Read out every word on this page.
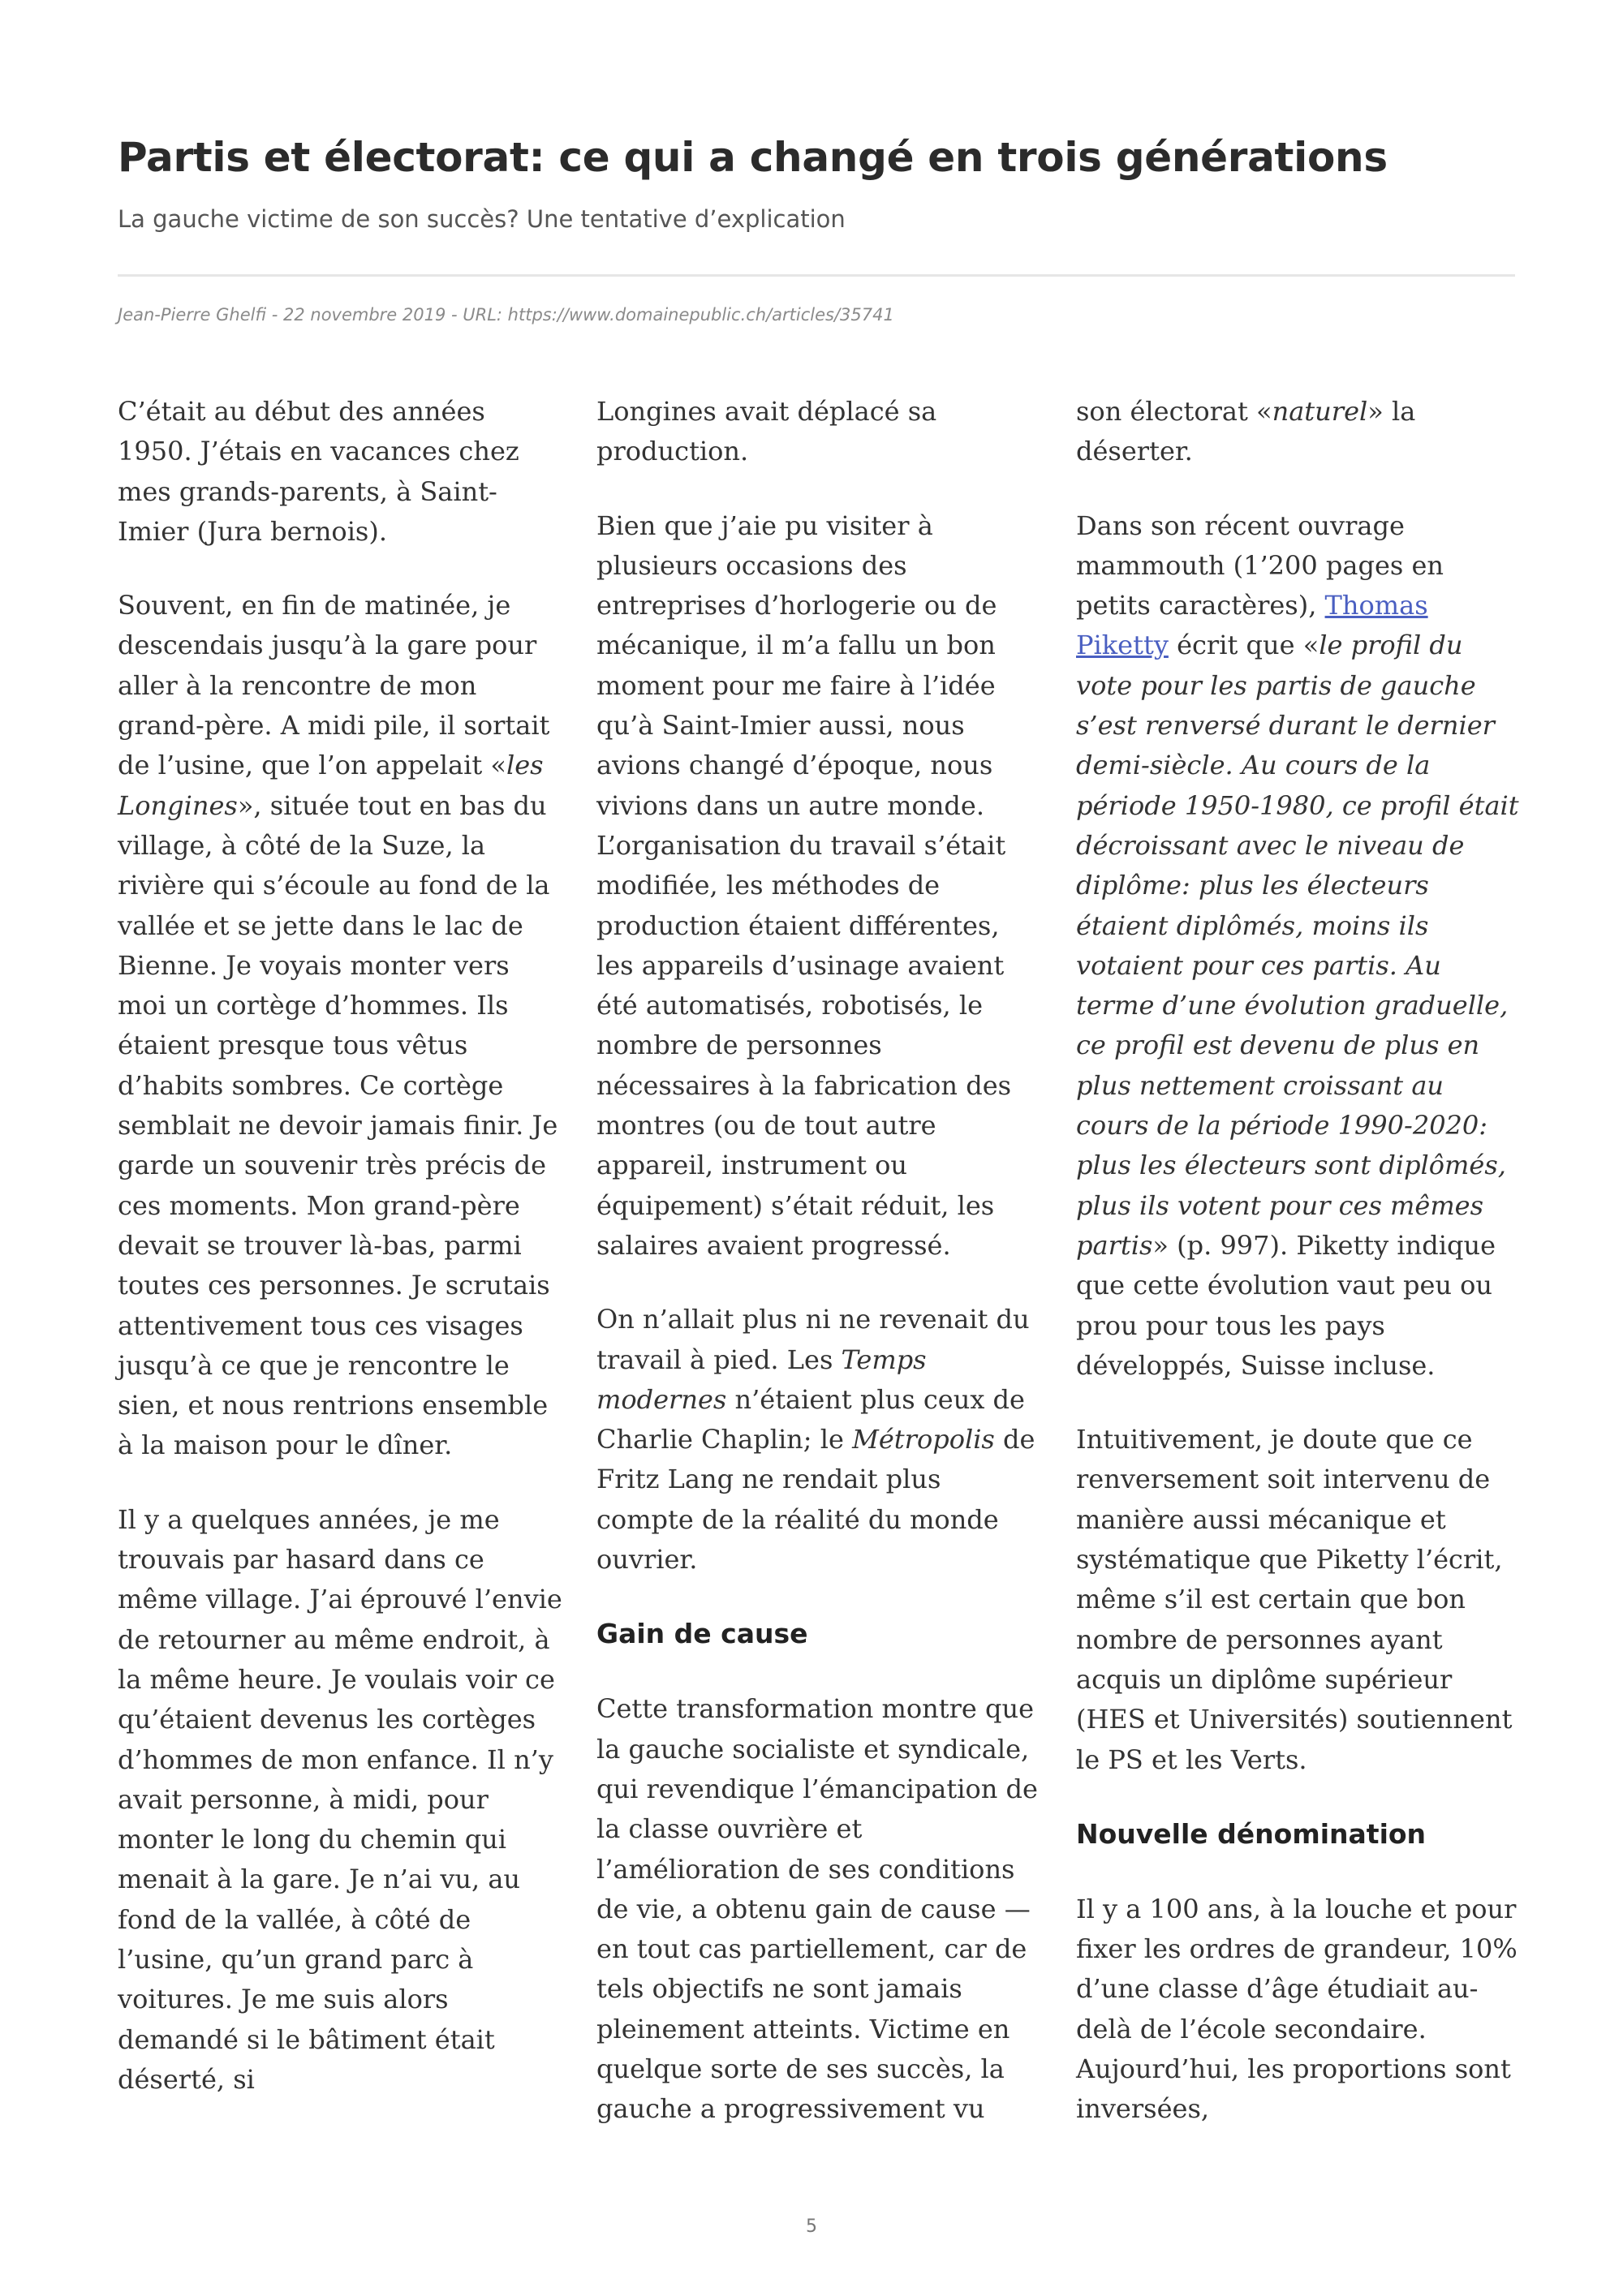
Partis et électorat: ce qui a changé en trois générations

La gauche victime de son succès? Une tentative d’explication

Jean-Pierre Ghelfi - 22 novembre 2019 - URL: https://www.domainepublic.ch/articles/35741

C’était au début des années 1950. J’étais en vacances chez mes grands-parents, à Saint-Imier (Jura bernois).

Souvent, en fin de matinée, je descendais jusqu’à la gare pour aller à la rencontre de mon grand-père. A midi pile, il sortait de l’usine, que l’on appelait «les Longines», située tout en bas du village, à côté de la Suze, la rivière qui s’écoule au fond de la vallée et se jette dans le lac de Bienne. Je voyais monter vers moi un cortège d’hommes. Ils étaient presque tous vêtus d’habits sombres. Ce cortège semblait ne devoir jamais finir. Je garde un souvenir très précis de ces moments. Mon grand-père devait se trouver là-bas, parmi toutes ces personnes. Je scrutais attentivement tous ces visages jusqu’à ce que je rencontre le sien, et nous rentrions ensemble à la maison pour le dîner.

Il y a quelques années, je me trouvais par hasard dans ce même village. J’ai éprouvé l’envie de retourner au même endroit, à la même heure. Je voulais voir ce qu’étaient devenus les cortèges d’hommes de mon enfance. Il n’y avait personne, à midi, pour monter le long du chemin qui menait à la gare. Je n’ai vu, au fond de la vallée, à côté de l’usine, qu’un grand parc à voitures. Je me suis alors demandé si le bâtiment était déserté, si

Longines avait déplacé sa production.

Bien que j’aie pu visiter à plusieurs occasions des entreprises d’horlogerie ou de mécanique, il m’a fallu un bon moment pour me faire à l’idée qu’à Saint-Imier aussi, nous avions changé d’époque, nous vivions dans un autre monde. L’organisation du travail s’était modifiée, les méthodes de production étaient différentes, les appareils d’usinage avaient été automatisés, robotisés, le nombre de personnes nécessaires à la fabrication des montres (ou de tout autre appareil, instrument ou équipement) s’était réduit, les salaires avaient progressé.

On n’allait plus ni ne revenait du travail à pied. Les Temps modernes n’étaient plus ceux de Charlie Chaplin; le Métropolis de Fritz Lang ne rendait plus compte de la réalité du monde ouvrier.

Gain de cause

Cette transformation montre que la gauche socialiste et syndicale, qui revendique l’émancipation de la classe ouvrière et l’amélioration de ses conditions de vie, a obtenu gain de cause — en tout cas partiellement, car de tels objectifs ne sont jamais pleinement atteints. Victime en quelque sorte de ses succès, la gauche a progressivement vu

son électorat «naturel» la déserter.

Dans son récent ouvrage mammouth (1’200 pages en petits caractères), Thomas Piketty écrit que «le profil du vote pour les partis de gauche s’est renversé durant le dernier demi-siècle. Au cours de la période 1950-1980, ce profil était décroissant avec le niveau de diplôme: plus les électeurs étaient diplômés, moins ils votaient pour ces partis. Au terme d’une évolution graduelle, ce profil est devenu de plus en plus nettement croissant au cours de la période 1990-2020: plus les électeurs sont diplômés, plus ils votent pour ces mêmes partis» (p. 997). Piketty indique que cette évolution vaut peu ou prou pour tous les pays développés, Suisse incluse.

Intuitivement, je doute que ce renversement soit intervenu de manière aussi mécanique et systématique que Piketty l’écrit, même s’il est certain que bon nombre de personnes ayant acquis un diplôme supérieur (HES et Universités) soutiennent le PS et les Verts.

Nouvelle dénomination

Il y a 100 ans, à la louche et pour fixer les ordres de grandeur, 10% d’une classe d’âge étudiait au-delà de l’école secondaire. Aujourd’hui, les proportions sont inversées,

5
